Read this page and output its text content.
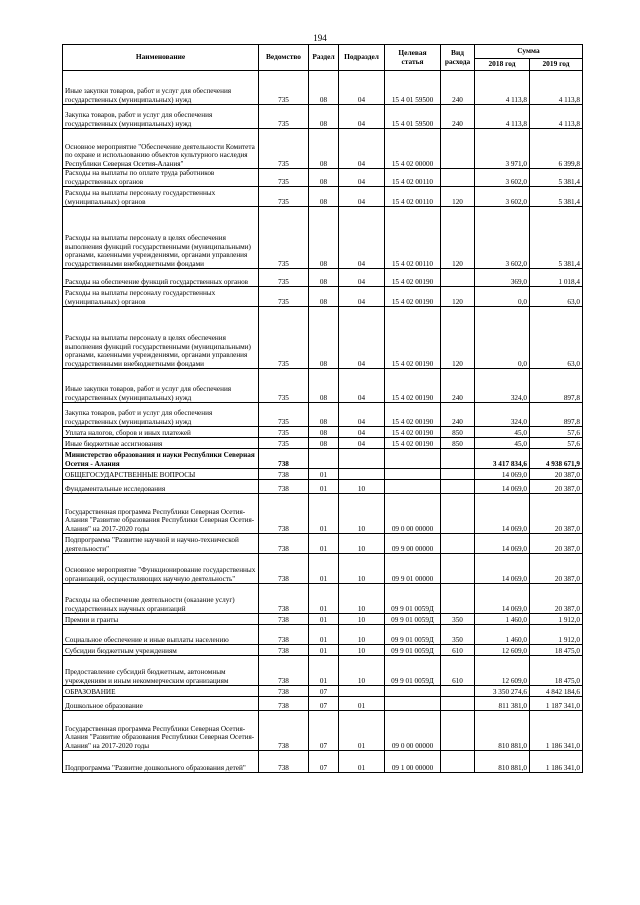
194
Наименование	Ведомство	Раздел	Подраздел	Целевая статья	Вид расхода	Сумма	
						2018 год	2019 год
Иные закупки товаров, работ и услуг для обеспечения государственных (муниципальных) нужд	735	08	04	15 4 01 59500	240	4 113,8	4 113,8
Закупка товаров, работ и услуг для обеспечения государственных (муниципальных) нужд	735	08	04	15 4 01 59500	240	4 113,8	4 113,8
Основное мероприятие "Обеспечение деятельности Комитета по охране и использованию объектов культурного наследия Республики Северная Осетия-Алания"	735	08	04	15 4 02 00000		3 971,0	6 399,8
Расходы на выплаты по оплате труда работников государственных органов	735	08	04	15 4 02 00110		3 602,0	5 381,4
Расходы на выплаты персоналу государственных (муниципальных) органов	735	08	04	15 4 02 00110	120	3 602,0	5 381,4
Расходы на выплаты персоналу в целях обеспечения выполнения функций государственными (муниципальными) органами, казенными учреждениями, органами управления государственными внебюджетными фондами	735	08	04	15 4 02 00110	120	3 602,0	5 381,4
Расходы на обеспечение функций государственных органов	735	08	04	15 4 02 00190		369,0	1 018,4
Расходы на выплаты персоналу государственных (муниципальных) органов	735	08	04	15 4 02 00190	120	0,0	63,0
Расходы на выплаты персоналу в целях обеспечения выполнения функций государственными (муниципальными) органами, казенными учреждениями, органами управления государственными внебюджетными фондами	735	08	04	15 4 02 00190	120	0,0	63,0
Иные закупки товаров, работ и услуг для обеспечения государственных (муниципальных) нужд	735	08	04	15 4 02 00190	240	324,0	897,8
Закупка товаров, работ и услуг для обеспечения государственных (муниципальных) нужд	735	08	04	15 4 02 00190	240	324,0	897,8
Уплата налогов, сборов и иных платежей	735	08	04	15 4 02 00190	850	45,0	57,6
Иные бюджетные ассигнования	735	08	04	15 4 02 00190	850	45,0	57,6
Министерство образования и науки Республики Северная Осетия - Алания	738					3 417 834,6	4 938 671,9
ОБЩЕГОСУДАРСТВЕННЫЕ ВОПРОСЫ	738	01				14 069,0	20 387,0
Фундаментальные исследования	738	01	10			14 069,0	20 387,0
Государственная программа Республики Северная Осетия-Алания "Развитие образования Республики Северная Осетия-Алания" на 2017-2020 годы	738	01	10	09 0 00 00000		14 069,0	20 387,0
Подпрограмма "Развитие научной и научно-технической деятельности"	738	01	10	09 9 00 00000		14 069,0	20 387,0
Основное мероприятие "Функционирование государственных организаций, осуществляющих научную деятельность"	738	01	10	09 9 01 00000		14 069,0	20 387,0
Расходы на обеспечение деятельности (оказание услуг) государственных научных организаций	738	01	10	09 9 01 0059Д		14 069,0	20 387,0
Премии и гранты	738	01	10	09 9 01 0059Д	350	1 460,0	1 912,0
Социальное обеспечение и иные выплаты населению	738	01	10	09 9 01 0059Д	350	1 460,0	1 912,0
Субсидии бюджетным учреждениям	738	01	10	09 9 01 0059Д	610	12 609,0	18 475,0
Предоставление субсидий бюджетным, автономным учреждениям и иным некоммерческим организациям	738	01	10	09 9 01 0059Д	610	12 609,0	18 475,0
ОБРАЗОВАНИЕ	738	07				3 350 274,6	4 842 184,6
Дошкольное образование	738	07	01			811 381,0	1 187 341,0
Государственная программа Республики Северная Осетия-Алания "Развитие образования Республики Северная Осетия-Алания" на 2017-2020 годы	738	07	01	09 0 00 00000		810 881,0	1 186 341,0
Подпрограмма "Развитие дошкольного образования детей"	738	07	01	09 1 00 00000		810 881,0	1 186 341,0
